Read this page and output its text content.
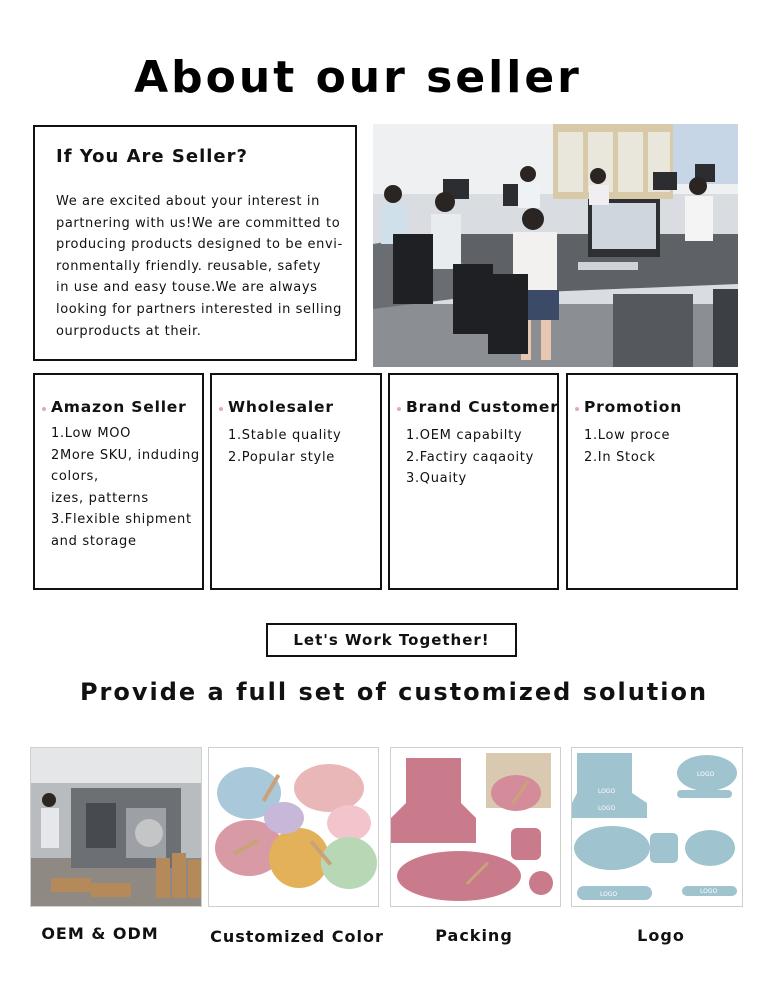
About our seller
If You Are Seller?

We are excited about your interest in
partnering with us!We are committed to
producing products designed to be envi-
ronmentally friendly. reusable, safety
in use and easy touse.We are always
looking for partners interested in selling
ourproducts at their.

Amazon Seller
1.Low MOO
2More SKU, induding
colors,
izes, patterns
3.Flexible shipment
and storage
Wholesaler
1.Stable quality
2.Popular style
Brand Customer
1.OEM capabilty
2.Factiry caqaoity
3.Quaity
Promotion
1.Low proce
2.In Stock
Let's Work Together!
Provide a full set of customized solution
LOGO
LOGO
LOGO
LOGO	LOGO
OEM & ODM	Customized Color	Packing	Logo
